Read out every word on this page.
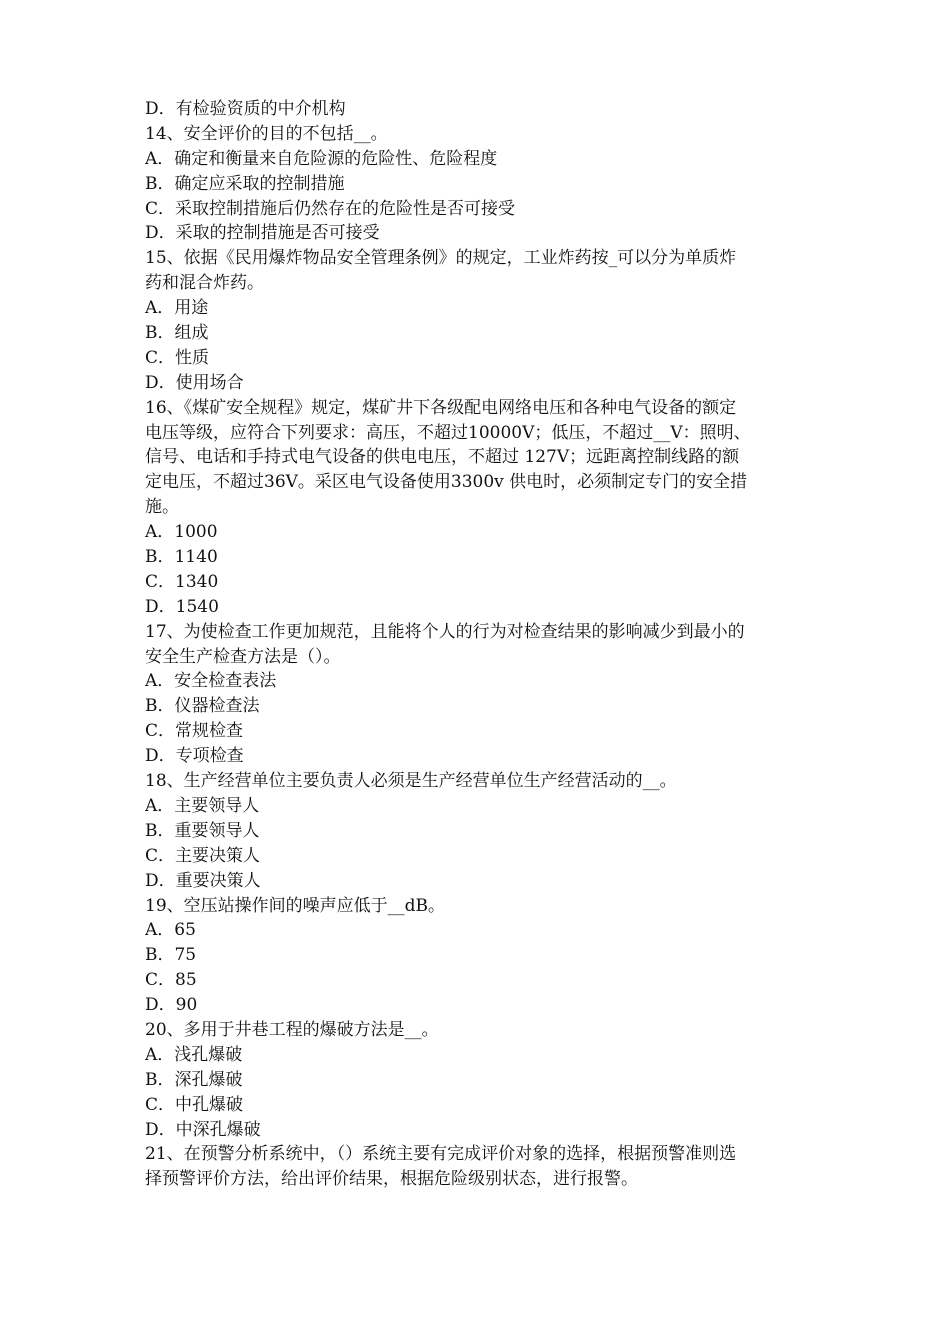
D．有检验资质的中介机构
14、安全评价的目的不包括__。
A．确定和衡量来自危险源的危险性、危险程度
B．确定应采取的控制措施
C．采取控制措施后仍然存在的危险性是否可接受
D．采取的控制措施是否可接受
15、依据《民用爆炸物品安全管理条例》的规定，工业炸药按_可以分为单质炸
药和混合炸药。
A．用途
B．组成
C．性质
D．使用场合
16、《煤矿安全规程》规定，煤矿井下各级配电网络电压和各种电气设备的额定
电压等级，应符合下列要求：高压，不超过10000V；低压，不超过__V：照明、
信号、电话和手持式电气设备的供电电压，不超过 127V；远距离控制线路的额
定电压，不超过36V。采区电气设备使用3300v 供电时，必须制定专门的安全措
施。
A．1000
B．1140
C．1340
D．1540
17、为使检查工作更加规范，且能将个人的行为对检查结果的影响减少到最小的
安全生产检查方法是（）。
A．安全检查表法
B．仪器检查法
C．常规检查
D．专项检查
18、生产经营单位主要负责人必须是生产经营单位生产经营活动的__。
A．主要领导人
B．重要领导人
C．主要决策人
D．重要决策人
19、空压站操作间的噪声应低于__dB。
A．65
B．75
C．85
D．90
20、多用于井巷工程的爆破方法是__。
A．浅孔爆破
B．深孔爆破
C．中孔爆破
D．中深孔爆破
21、在预警分析系统中，（）系统主要有完成评价对象的选择，根据预警准则选
择预警评价方法，给出评价结果，根据危险级别状态，进行报警。
